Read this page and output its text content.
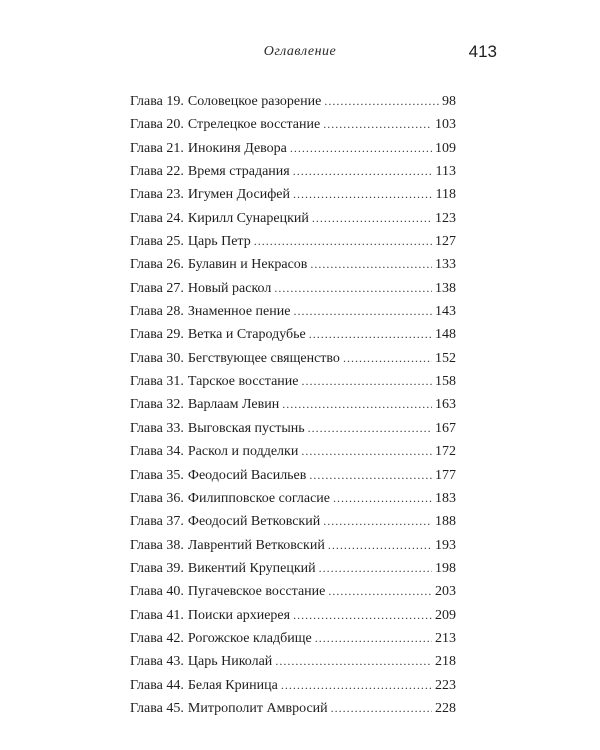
Оглавление	413
Глава 19. Соловецкое разорение .....	98
Глава 20. Стрелецкое восстание .....	103
Глава 21. Инокиня Девора .....	109
Глава 22. Время страдания .....	113
Глава 23. Игумен Досифей .....	118
Глава 24. Кирилл Сунарецкий .....	123
Глава 25. Царь Петр .....	127
Глава 26. Булавин и Некрасов .....	133
Глава 27. Новый раскол .....	138
Глава 28. Знаменное пение .....	143
Глава 29. Ветка и Стародубье .....	148
Глава 30. Бегствующее священство .....	152
Глава 31. Тарское восстание .....	158
Глава 32. Варлаам Левин .....	163
Глава 33. Выговская пустынь .....	167
Глава 34. Раскол и подделки .....	172
Глава 35. Феодосий Васильев .....	177
Глава 36. Филипповское согласие .....	183
Глава 37. Феодосий Ветковский .....	188
Глава 38. Лаврентий Ветковский .....	193
Глава 39. Викентий Крупецкий .....	198
Глава 40. Пугачевское восстание .....	203
Глава 41. Поиски архиерея .....	209
Глава 42. Рогожское кладбище .....	213
Глава 43. Царь Николай .....	218
Глава 44. Белая Криница .....	223
Глава 45. Митрополит Амвросий .....	228
